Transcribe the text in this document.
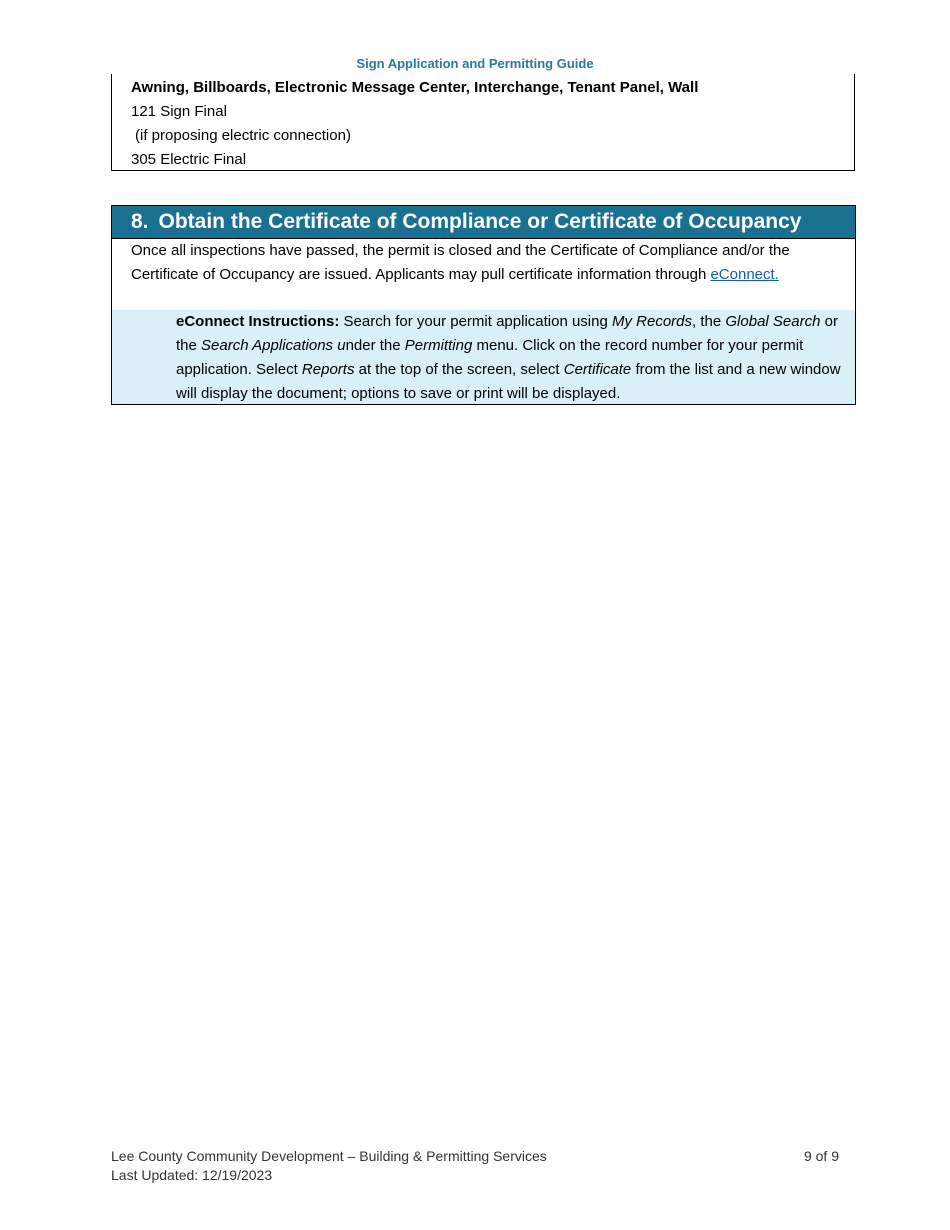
Sign Application and Permitting Guide
Awning, Billboards, Electronic Message Center, Interchange, Tenant Panel, Wall
121 Sign Final
(if proposing electric connection)
305 Electric Final
8. Obtain the Certificate of Compliance or Certificate of Occupancy
Once all inspections have passed, the permit is closed and the Certificate of Compliance and/or the Certificate of Occupancy are issued. Applicants may pull certificate information through eConnect.
eConnect Instructions: Search for your permit application using My Records, the Global Search or the Search Applications under the Permitting menu. Click on the record number for your permit application. Select Reports at the top of the screen, select Certificate from the list and a new window will display the document; options to save or print will be displayed.
Lee County Community Development – Building & Permitting Services	9 of 9
Last Updated: 12/19/2023
